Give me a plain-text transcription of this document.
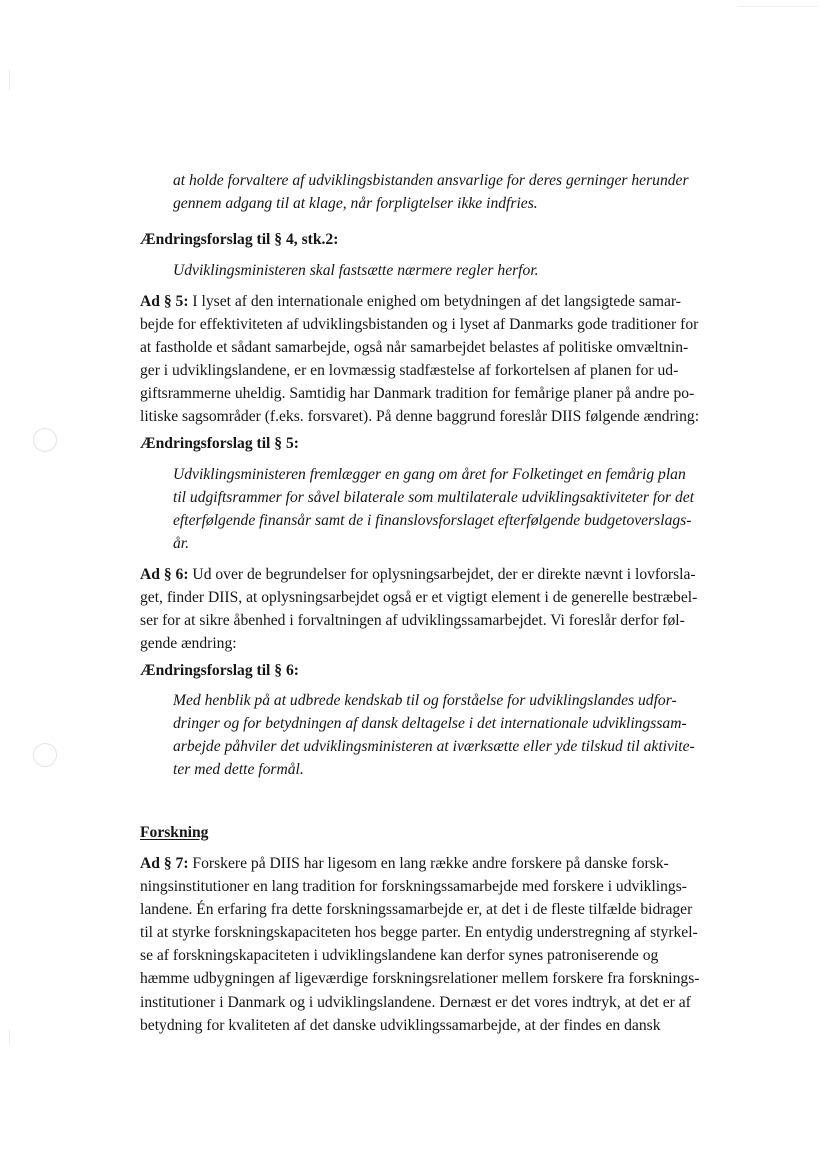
at holde forvaltere af udviklingsbistanden ansvarlige for deres gerninger herunder
gennem adgang til at klage, når forpligtelser ikke indfries.
Ændringsforslag til § 4, stk.2:
Udviklingsministeren skal fastsætte nærmere regler herfor.
Ad § 5: I lyset af den internationale enighed om betydningen af det langsigtede samar-
bejde for effektiviteten af udviklingsbistanden og i lyset af Danmarks gode traditioner for
at fastholde et sådant samarbejde, også når samarbejdet belastes af politiske omvæltnin-
ger i udviklingslandene, er en lovmæssig stadfæstelse af forkortelsen af planen for ud-
giftsrammerne uheldig. Samtidig har Danmark tradition for femårige planer på andre po-
litiske sagsområder (f.eks. forsvaret). På denne baggrund foreslår DIIS følgende ændring:
Ændringsforslag til § 5:
Udviklingsministeren fremlægger en gang om året for Folketinget en femårig plan
til udgiftsrammer for såvel bilaterale som multilaterale udviklingsaktiviteter for det
efterfølgende finansår samt de i finanslovsforslaget efterfølgende budgetoverslags-
år.
Ad § 6: Ud over de begrundelser for oplysningsarbejdet, der er direkte nævnt i lovforsla-
get, finder DIIS, at oplysningsarbejdet også er et vigtigt element i de generelle bestræbel-
ser for at sikre åbenhed i forvaltningen af udviklingssamarbejdet. Vi foreslår derfor føl-
gende ændring:
Ændringsforslag til § 6:
Med henblik på at udbrede kendskab til og forståelse for udviklingslandes udfor-
dringer og for betydningen af dansk deltagelse i det internationale udviklingssam-
arbejde påhviler det udviklingsministeren at iværksætte eller yde tilskud til aktivite-
ter med dette formål.
Forskning
Ad § 7: Forskere på DIIS har ligesom en lang række andre forskere på danske forsk-
ningsinstitutioner en lang tradition for forskningssamarbejde med forskere i udviklings-
landene. Én erfaring fra dette forskningssamarbejde er, at det i de fleste tilfælde bidrager
til at styrke forskningskapaciteten hos begge parter. En entydig understregning af styrkel-
se af forskningskapaciteten i udviklingslandene kan derfor synes patroniserende og
hæmme udbygningen af ligeværdige forskningsrelationer mellem forskere fra forsknings-
institutioner i Danmark og i udviklingslandene. Dernæst er det vores indtryk, at det er af
betydning for kvaliteten af det danske udviklingssamarbejde, at der findes en dansk
